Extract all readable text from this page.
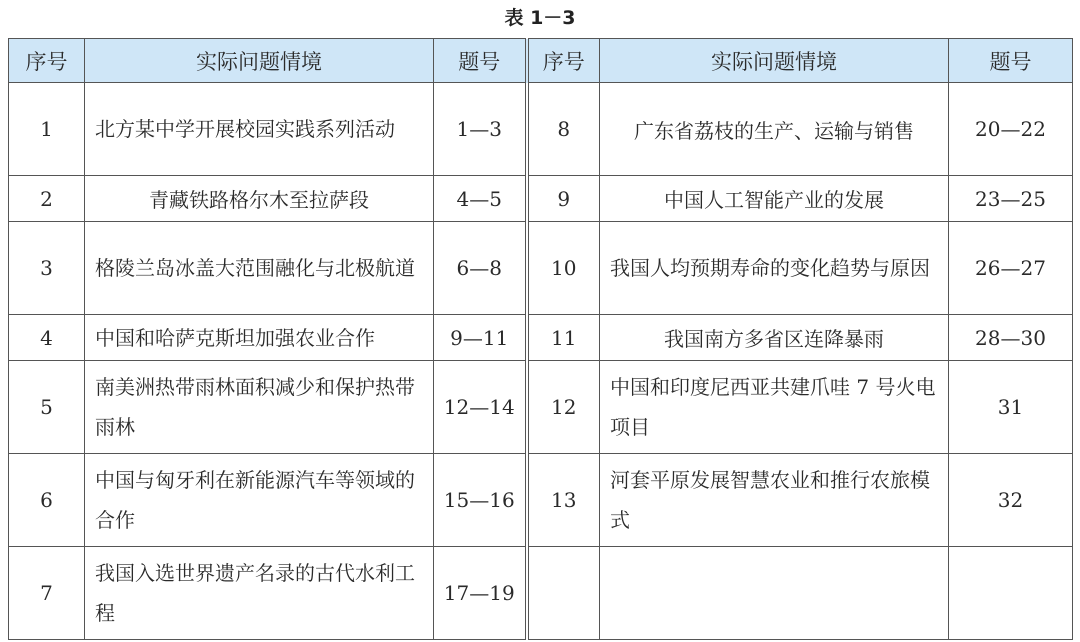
表 1－3
序号	实际问题情境	题号	序号	实际问题情境	题号
1	北方某中学开展校园实践系列活动	1—3	8	广东省荔枝的生产、运输与销售	20—22
2	青藏铁路格尔木至拉萨段	4—5	9	中国人工智能产业的发展	23—25
3	格陵兰岛冰盖大范围融化与北极航道	6—8	10	我国人均预期寿命的变化趋势与原因	26—27
4	中国和哈萨克斯坦加强农业合作	9—11	11	我国南方多省区连降暴雨	28—30
5	南美洲热带雨林面积减少和保护热带雨林	12—14	12	中国和印度尼西亚共建爪哇 7 号火电项目	31
6	中国与匈牙利在新能源汽车等领域的合作	15—16	13	河套平原发展智慧农业和推行农旅模式	32
7	我国入选世界遗产名录的古代水利工程	17—19			
